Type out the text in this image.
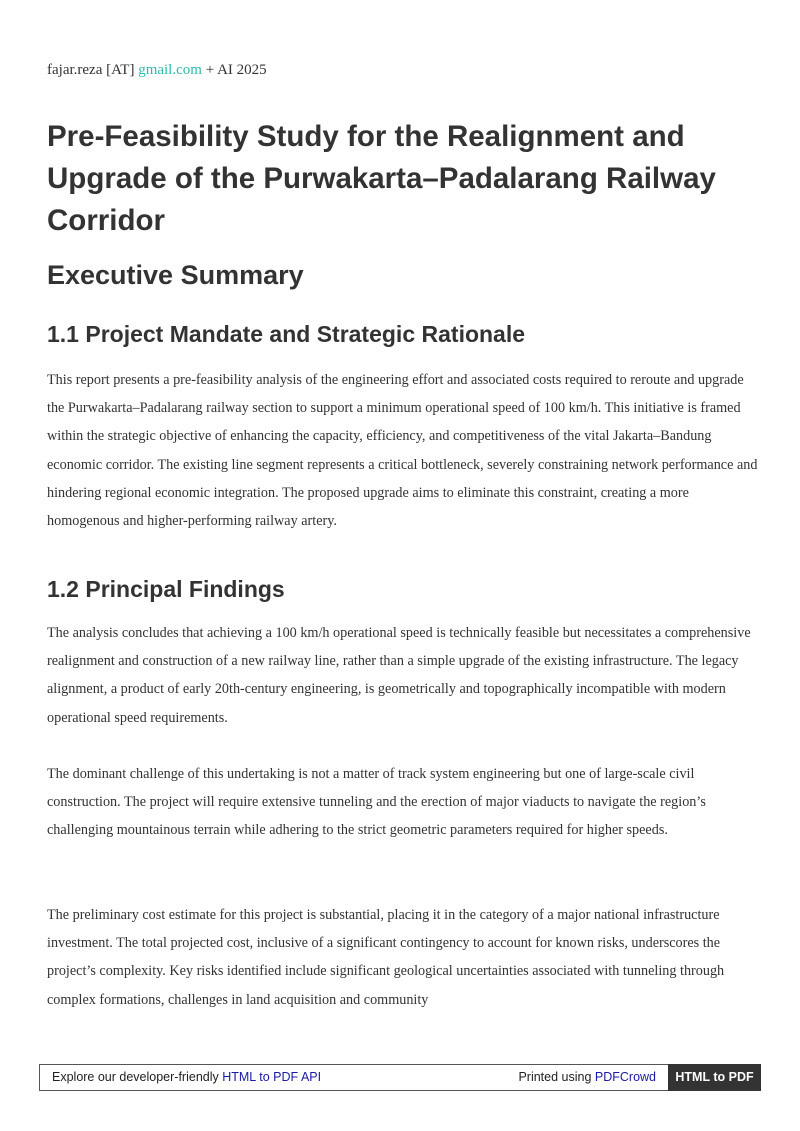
fajar.reza [AT] gmail.com + AI 2025
Pre-Feasibility Study for the Realignment and Upgrade of the Purwakarta–Padalarang Railway Corridor
Executive Summary
1.1 Project Mandate and Strategic Rationale

This report presents a pre-feasibility analysis of the engineering effort and associated costs required to reroute and upgrade the Purwakarta–Padalarang railway section to support a minimum operational speed of 100 km/h. This initiative is framed within the strategic objective of enhancing the capacity, efficiency, and competitiveness of the vital Jakarta–Bandung economic corridor. The existing line segment represents a critical bottleneck, severely constraining network performance and hindering regional economic integration. The proposed upgrade aims to eliminate this constraint, creating a more homogenous and higher-performing railway artery.

1.2 Principal Findings

The analysis concludes that achieving a 100 km/h operational speed is technically feasible but necessitates a comprehensive realignment and construction of a new railway line, rather than a simple upgrade of the existing infrastructure. The legacy alignment, a product of early 20th-century engineering, is geometrically and topographically incompatible with modern operational speed requirements.

The dominant challenge of this undertaking is not a matter of track system engineering but one of large-scale civil construction. The project will require extensive tunneling and the erection of major viaducts to navigate the region’s challenging mountainous terrain while adhering to the strict geometric parameters required for higher speeds.

The preliminary cost estimate for this project is substantial, placing it in the category of a major national infrastructure investment. The total projected cost, inclusive of a significant contingency to account for known risks, underscores the project’s complexity. Key risks identified include significant geological uncertainties associated with tunneling through complex formations, challenges in land acquisition and community

Explore our developer-friendly HTML to PDF API	Printed using PDFCrowd	HTML to PDF
